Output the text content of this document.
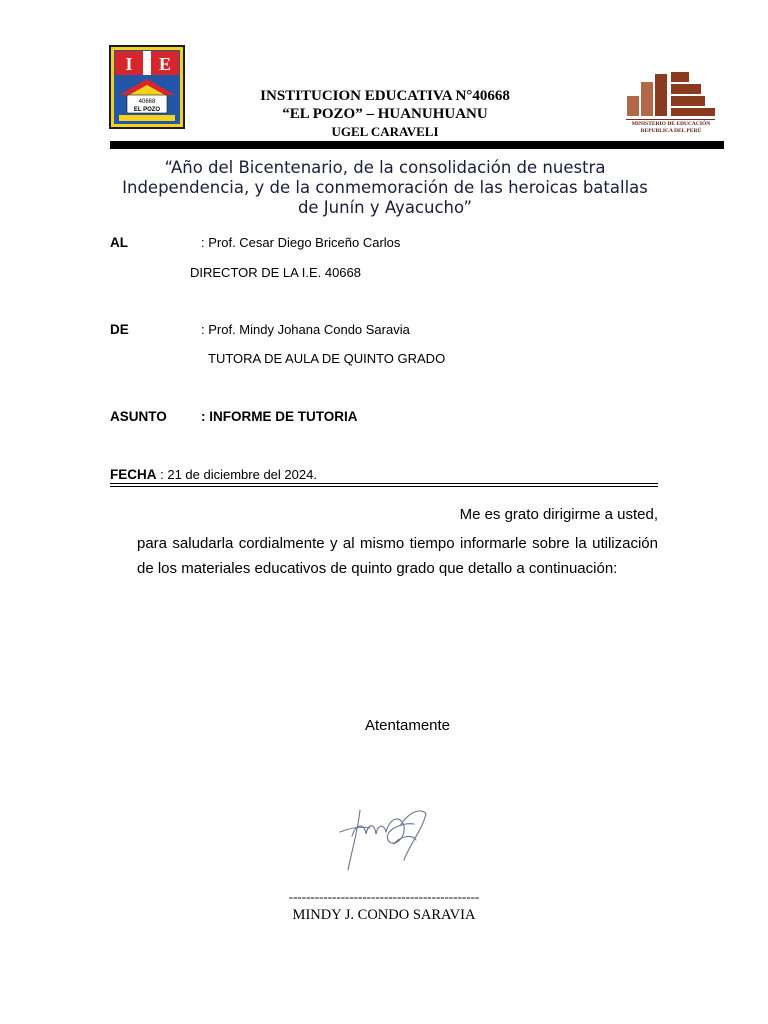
I E
40668
EL POZO
INSTITUCION EDUCATIVA N°40668
“EL POZO” – HUANUHUANU
UGEL CARAVELI	MINISTERIO DE EDUCACIÓN
REPUBLICA DEL PERÚ
“Año del Bicentenario, de la consolidación de nuestra Independencia, y de la conmemoración de las heroicas batallas de Junín y Ayacucho”
AL	: Prof. Cesar Diego Briceño Carlos
DIRECTOR DE LA I.E. 40668
DE	: Prof. Mindy Johana Condo Saravia
TUTORA DE AULA DE QUINTO GRADO
ASUNTO	: INFORME DE TUTORIA
FECHA : 21 de diciembre del 2024.
Me es grato dirigirme a usted,
para saludarla cordialmente y al mismo tiempo informarle sobre la utilización de los materiales educativos de quinto grado que detallo a continuación:
Atentamente
--------------------------------------------
MINDY J. CONDO SARAVIA
